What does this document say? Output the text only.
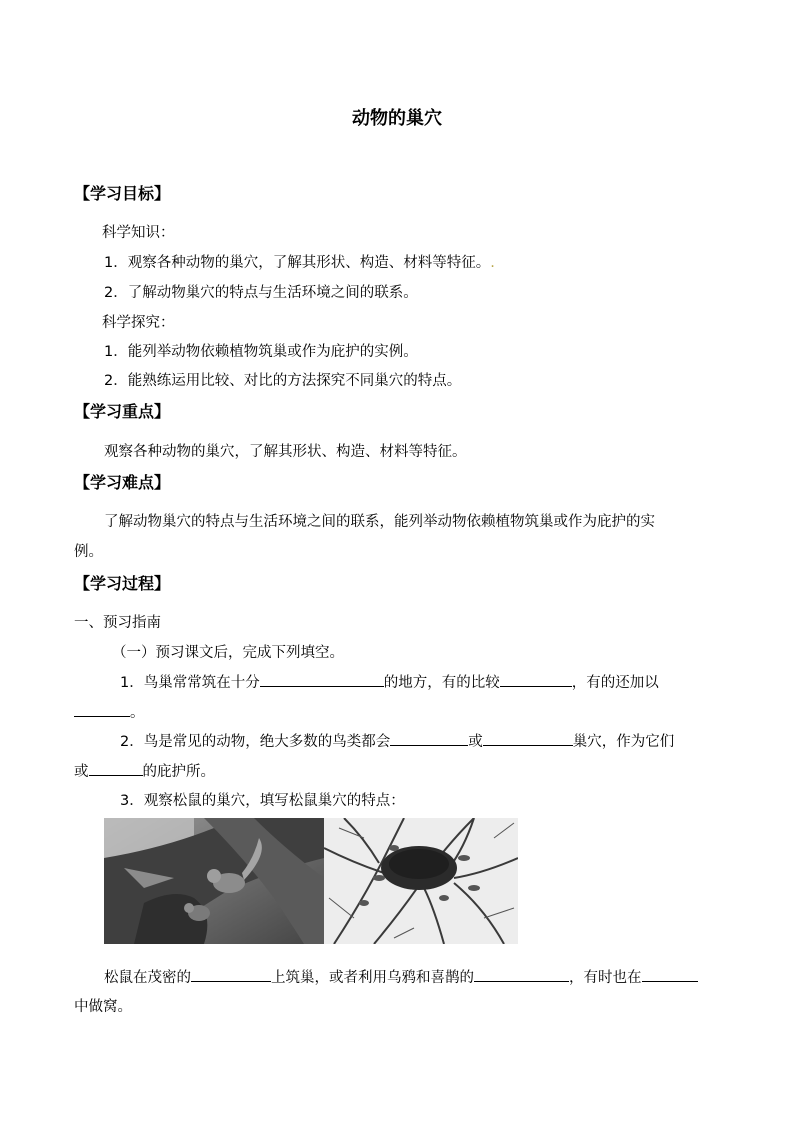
动物的巢穴
【学习目标】
科学知识：
1．观察各种动物的巢穴，了解其形状、构造、材料等特征。.
2．了解动物巢穴的特点与生活环境之间的联系。
科学探究：
1．能列举动物依赖植物筑巢或作为庇护的实例。
2．能熟练运用比较、对比的方法探究不同巢穴的特点。
【学习重点】
观察各种动物的巢穴，了解其形状、构造、材料等特征。
【学习难点】
了解动物巢穴的特点与生活环境之间的联系，能列举动物依赖植物筑巢或作为庇护的实
例。
【学习过程】
一、预习指南
（一）预习课文后，完成下列填空。
1．鸟巢常常筑在十分	的地方，有的比较	，有的还加以
。
2．鸟是常见的动物，绝大多数的鸟类都会	或	巢穴，作为它们
或	的庇护所。
3．观察松鼠的巢穴，填写松鼠巢穴的特点：
松鼠在茂密的	上筑巢，或者利用乌鸦和喜鹊的	，有时也在
中做窝。
